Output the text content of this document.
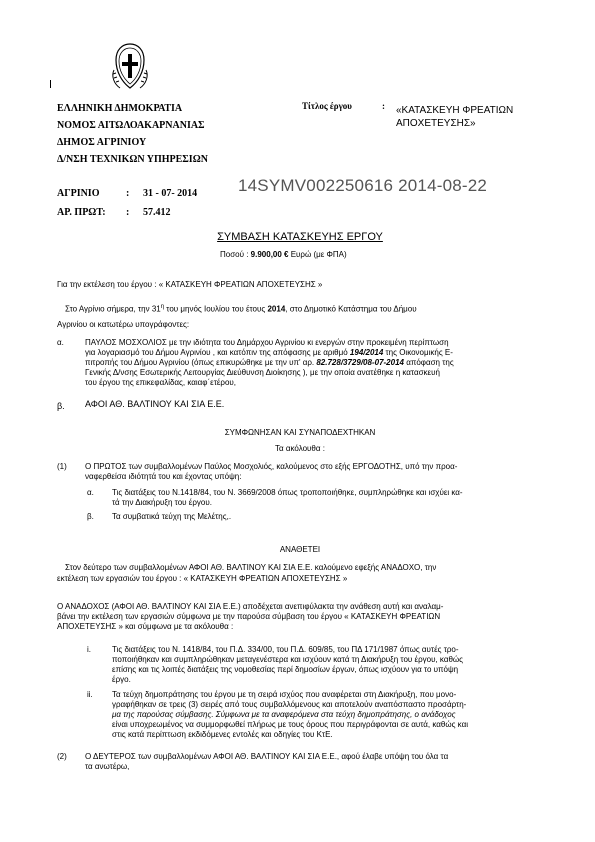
ΕΛΛΗΝΙΚΗ ΔΗΜΟΚΡΑΤΙΑ
ΝΟΜΟΣ ΑΙΤΩΛΟΑΚΑΡΝΑΝΙΑΣ
ΔΗΜΟΣ ΑΓΡΙΝΙΟΥ
Δ/ΝΣΗ ΤΕΧΝΙΚΩΝ ΥΠΗΡΕΣΙΩΝ
Τίτλος έργου	: «ΚΑΤΑΣΚΕΥΗ ΦΡΕΑΤΙΩΝ
ΑΠΟΧΕΤΕΥΣΗΣ»
ΑΓΡΙΝΙΟ	: 31 - 07- 2014
ΑΡ. ΠΡΩΤ: : 57.412
14SYMV002250616 2014-08-22
ΣΥΜΒΑΣΗ ΚΑΤΑΣΚΕΥΗΣ ΕΡΓΟΥ
Ποσού : 9.900,00 € Ευρώ (με ΦΠΑ)
Για την εκτέλεση του έργου : « ΚΑΤΑΣΚΕΥΗ ΦΡΕΑΤΙΩΝ ΑΠΟΧΕΤΕΥΣΗΣ »
Στο Αγρίνιο σήμερα, την $31^\eta$ του μηνός Ιουλίου του έτους 2014, στο Δημοτικό Κατάστημα του Δήμου
Αγρινίου οι κατωτέρω υπογράφοντες:
α.	ΠΑΥΛΟΣ ΜΟΣΧΟΛΙΟΣ με την ιδιότητα του Δημάρχου Αγρινίου κι ενεργών στην προκειμένη περίπτωση
για λογαριασμό του Δήμου Αγρινίου , και κατόπιν της απόφασης με αριθμό 194/2014 της Οικονομικής Ε-
πιτροπής του Δήμου Αγρινίου (όπως επικυρώθηκε με την υπ' αρ. 82.728/3729/08-07-2014 απόφαση της
Γενικής Δ/νσης Εσωτερικής Λειτουργίας Διεύθυνση Διοίκησης ), με την οποία ανατέθηκε η κατασκευή
του έργου της επικεφαλίδας, καιαφ΄ετέρου,
β. ΑΦΟΙ ΑΘ. ΒΑΛΤΙΝΟΥ ΚΑΙ ΣΙΑ Ε.Ε.
ΣΥΜΦΩΝΗΣΑΝ ΚΑΙ ΣΥΝΑΠΟΔΕΧΤΗΚΑΝ
Τα ακόλουθα :
(1) Ο ΠΡΩΤΟΣ των συμβαλλομένων Παύλος Μοσχολιός, καλούμενος στο εξής ΕΡΓΟΔΟΤΗΣ, υπό την προα-
ναφερθείσα ιδιότητά του και έχοντας υπόψη:
α. Τις διατάξεις του Ν.1418/84, του Ν. 3669/2008 όπως τροποποιήθηκε, συμπληρώθηκε και ισχύει κα-
τά την Διακήρυξη του έργου.
β. Τα συμβατικά τεύχη της Μελέτης,.
ΑΝΑΘΕΤΕΙ
Στον δεύτερο των συμβαλλομένων ΑΦΟΙ ΑΘ. ΒΑΛΤΙΝΟΥ ΚΑΙ ΣΙΑ Ε.Ε. καλούμενο εφεξής ΑΝΑΔΟΧΟ, την
εκτέλεση των εργασιών του έργου : « ΚΑΤΑΣΚΕΥΗ ΦΡΕΑΤΙΩΝ ΑΠΟΧΕΤΕΥΣΗΣ »
Ο ΑΝΑΔΟΧΟΣ (ΑΦΟΙ ΑΘ. ΒΑΛΤΙΝΟΥ ΚΑΙ ΣΙΑ Ε.Ε.) αποδέχεται ανεπιφύλακτα την ανάθεση αυτή και αναλαμ-
βάνει την εκτέλεση των εργασιών σύμφωνα με την παρούσα σύμβαση του έργου « ΚΑΤΑΣΚΕΥΗ ΦΡΕΑΤΙΩΝ
ΑΠΟΧΕΤΕΥΣΗΣ » και σύμφωνα με τα ακόλουθα :
i.	Τις διατάξεις του Ν. 1418/84, του Π.Δ. 334/00, του Π.Δ. 609/85, του ΠΔ 171/1987 όπως αυτές τρο-
ποποιήθηκαν και συμπληρώθηκαν μεταγενέστερα και ισχύουν κατά τη Διακήρυξη του έργου, καθώς
επίσης και τις λοιπές διατάξεις της νομοθεσίας περί δημοσίων έργων, όπως ισχύουν για το υπόψη
έργο.
ii. Τα τεύχη δημοπράτησης του έργου με τη σειρά ισχύος που αναφέρεται στη Διακήρυξη, που μονο-
γραφήθηκαν σε τρεις (3) σειρές από τους συμβαλλόμενους και αποτελούν αναπόσπαστο προσάρτη-
μα της παρούσας σύμβασης. Σύμφωνα με τα αναφερόμενα στα τεύχη δημοπράτησης, ο ανάδοχος
είναι υποχρεωμένος να συμμορφωθεί πλήρως με τους όρους που περιγράφονται σε αυτά, καθώς και
στις κατά περίπτωση εκδιδόμενες εντολές και οδηγίες του ΚτΕ.
(2) Ο ΔΕΥΤΕΡΟΣ των συμβαλλομένων ΑΦΟΙ ΑΘ. ΒΑΛΤΙΝΟΥ ΚΑΙ ΣΙΑ Ε.Ε., αφού έλαβε υπόψη του όλα τα
τα ανωτέρω,
